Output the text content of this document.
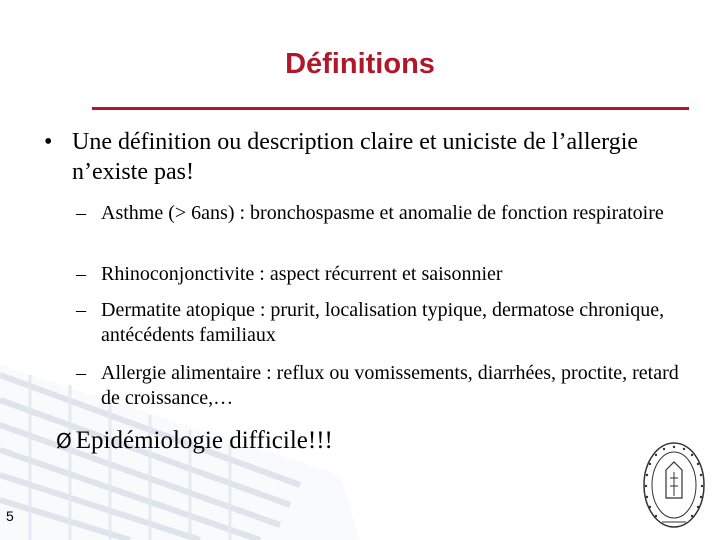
Définitions
• Une définition ou description claire et uniciste de l’allergie n’existe pas!
– Asthme (> 6ans) : bronchospasme et anomalie de fonction respiratoire
– Rhinoconjonctivite : aspect récurrent et saisonnier
– Dermatite atopique : prurit, localisation typique, dermatose chronique, antécédents familiaux
– Allergie alimentaire : reflux ou vomissements, diarrhées, proctite, retard de croissance,…
Ø Epidémiologie difficile!!!
5
